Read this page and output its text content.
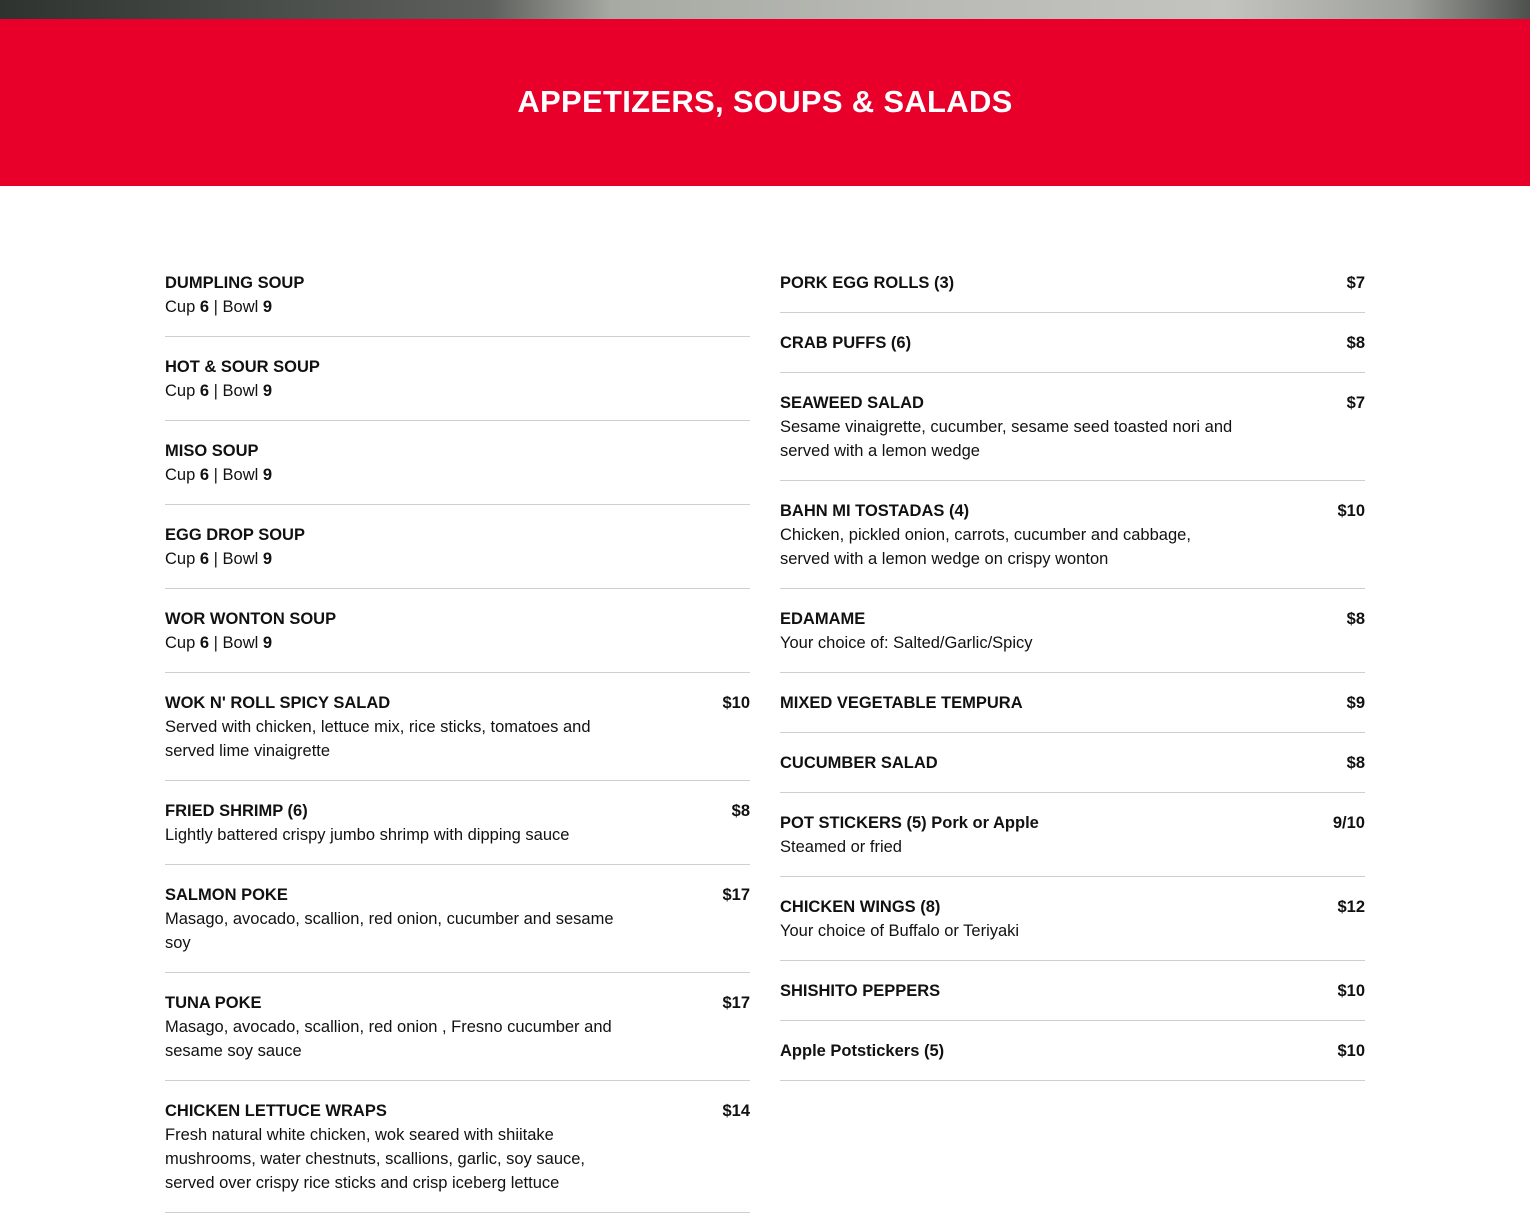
APPETIZERS, SOUPS & SALADS
DUMPLING SOUP
Cup 6 | Bowl 9
HOT & SOUR SOUP
Cup 6 | Bowl 9
MISO SOUP
Cup 6 | Bowl 9
EGG DROP SOUP
Cup 6 | Bowl 9
WOR WONTON SOUP
Cup 6 | Bowl 9
WOK N' ROLL SPICY SALAD	$10
Served with chicken, lettuce mix, rice sticks, tomatoes and served lime vinaigrette
FRIED SHRIMP (6)	$8
Lightly battered crispy jumbo shrimp with dipping sauce
SALMON POKE	$17
Masago, avocado, scallion, red onion, cucumber and sesame soy
TUNA POKE	$17
Masago, avocado, scallion, red onion , Fresno cucumber and sesame soy sauce
CHICKEN LETTUCE WRAPS	$14
Fresh natural white chicken, wok seared with shiitake mushrooms, water chestnuts, scallions, garlic, soy sauce, served over crispy rice sticks and crisp iceberg lettuce
PORK EGG ROLLS (3)	$7
CRAB PUFFS (6)	$8
SEAWEED SALAD	$7
Sesame vinaigrette, cucumber, sesame seed toasted nori and served with a lemon wedge
BAHN MI TOSTADAS (4)	$10
Chicken, pickled onion, carrots, cucumber and cabbage, served with a lemon wedge on crispy wonton
EDAMAME	$8
Your choice of: Salted/Garlic/Spicy
MIXED VEGETABLE TEMPURA	$9
CUCUMBER SALAD	$8
POT STICKERS (5) Pork or Apple	9/10
Steamed or fried
CHICKEN WINGS (8)	$12
Your choice of Buffalo or Teriyaki
SHISHITO PEPPERS	$10
Apple Potstickers (5)	$10
